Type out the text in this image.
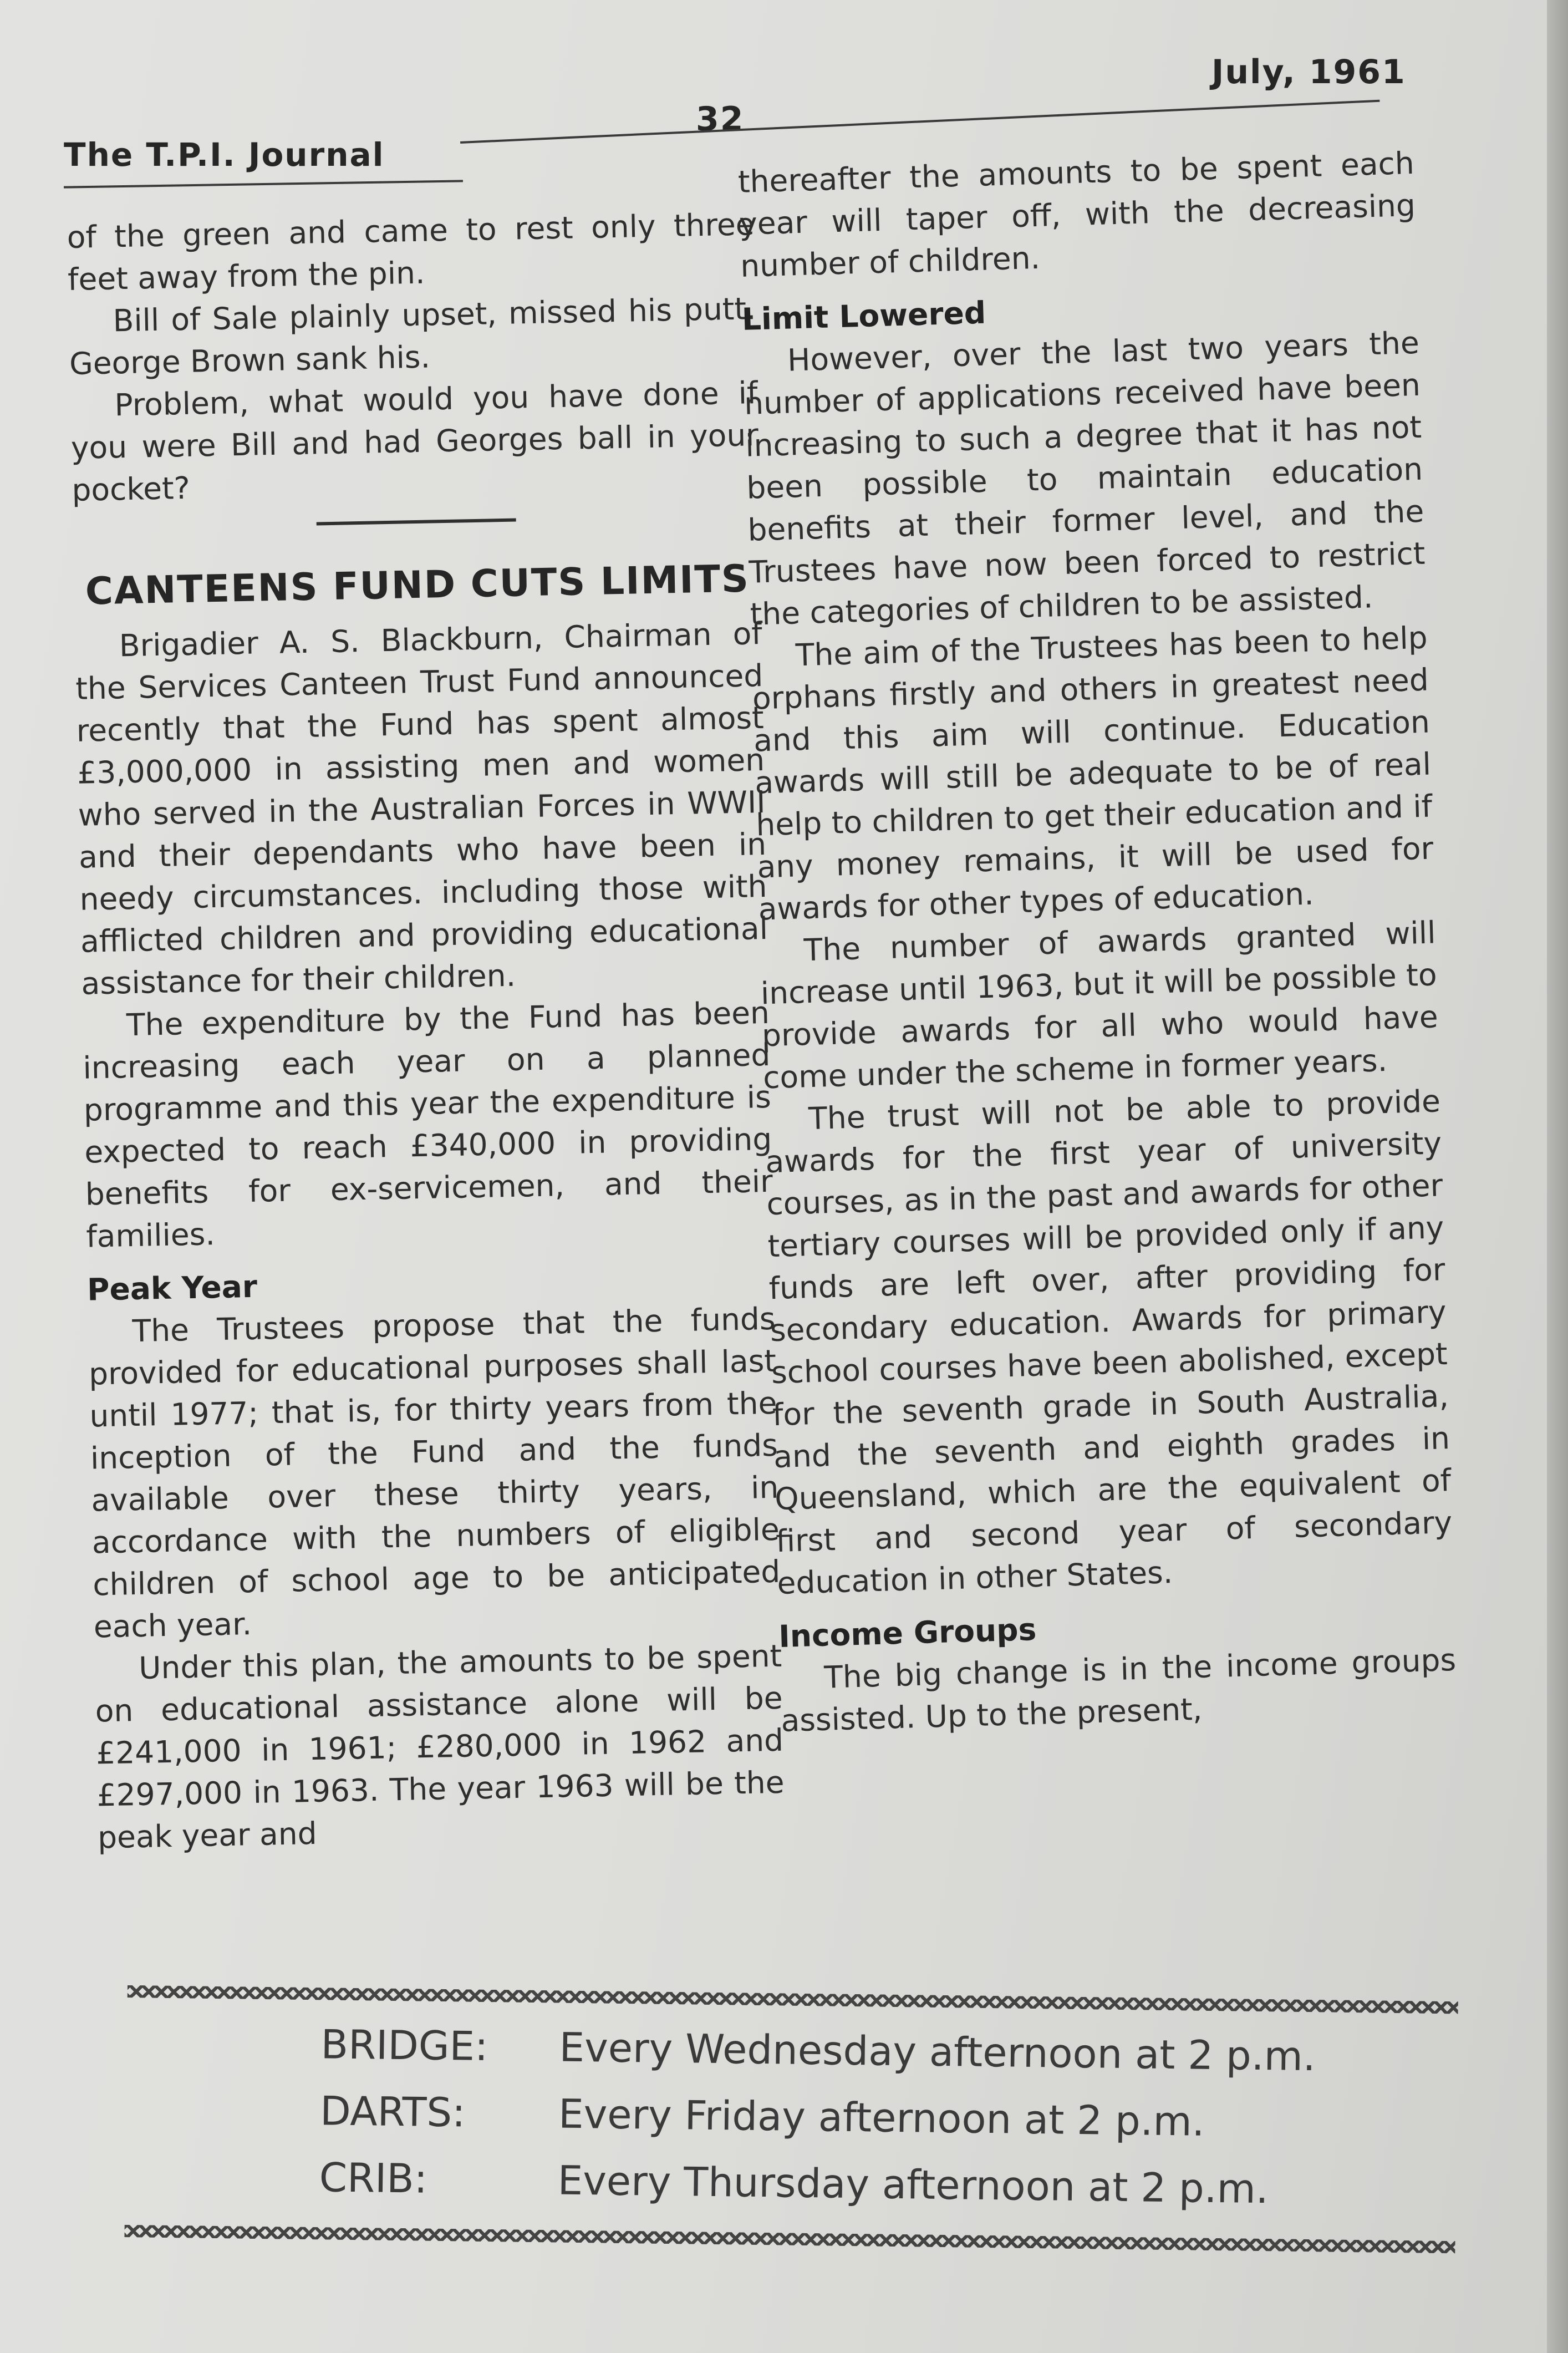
The T.P.I. Journal
32
July, 1961

of the green and came to rest only three feet away from the pin.

Bill of Sale plainly upset, missed his putt. George Brown sank his.

Problem, what would you have done if you were Bill and had Georges ball in your pocket?

CANTEENS FUND CUTS LIMITS

Brigadier A. S. Blackburn, Chairman of the Services Canteen Trust Fund announced recently that the Fund has spent almost £3,000,000 in assisting men and women who served in the Australian Forces in WWII and their dependants who have been in needy circumstances. including those with afflicted children and providing educational assistance for their children.

The expenditure by the Fund has been increasing each year on a planned programme and this year the expenditure is expected to reach £340,000 in providing benefits for ex-servicemen, and their families.

Peak Year

The Trustees propose that the funds provided for educational purposes shall last until 1977; that is, for thirty years from the inception of the Fund and the funds available over these thirty years, in accordance with the numbers of eligible children of school age to be anticipated each year.

Under this plan, the amounts to be spent on educational assistance alone will be £241,000 in 1961; £280,000 in 1962 and £297,000 in 1963. The year 1963 will be the peak year and

thereafter the amounts to be spent each year will taper off, with the decreasing number of children.

Limit Lowered

However, over the last two years the number of applications received have been increasing to such a degree that it has not been possible to maintain education benefits at their former level, and the Trustees have now been forced to restrict the categories of children to be assisted.

The aim of the Trustees has been to help orphans firstly and others in greatest need and this aim will continue. Education awards will still be adequate to be of real help to children to get their education and if any money remains, it will be used for awards for other types of education.

The number of awards granted will increase until 1963, but it will be possible to provide awards for all who would have come under the scheme in former years.

The trust will not be able to provide awards for the first year of university courses, as in the past and awards for other tertiary courses will be provided only if any funds are left over, after providing for secondary education. Awards for primary school courses have been abolished, except for the seventh grade in South Australia, and the seventh and eighth grades in Queensland, which are the equivalent of first and second year of secondary education in other States.

Income Groups

The big change is in the income groups assisted. Up to the present,

BRIDGE:	Every Wednesday afternoon at 2 p.m.
DARTS:	Every Friday afternoon at 2 p.m.
CRIB:	Every Thursday afternoon at 2 p.m.
